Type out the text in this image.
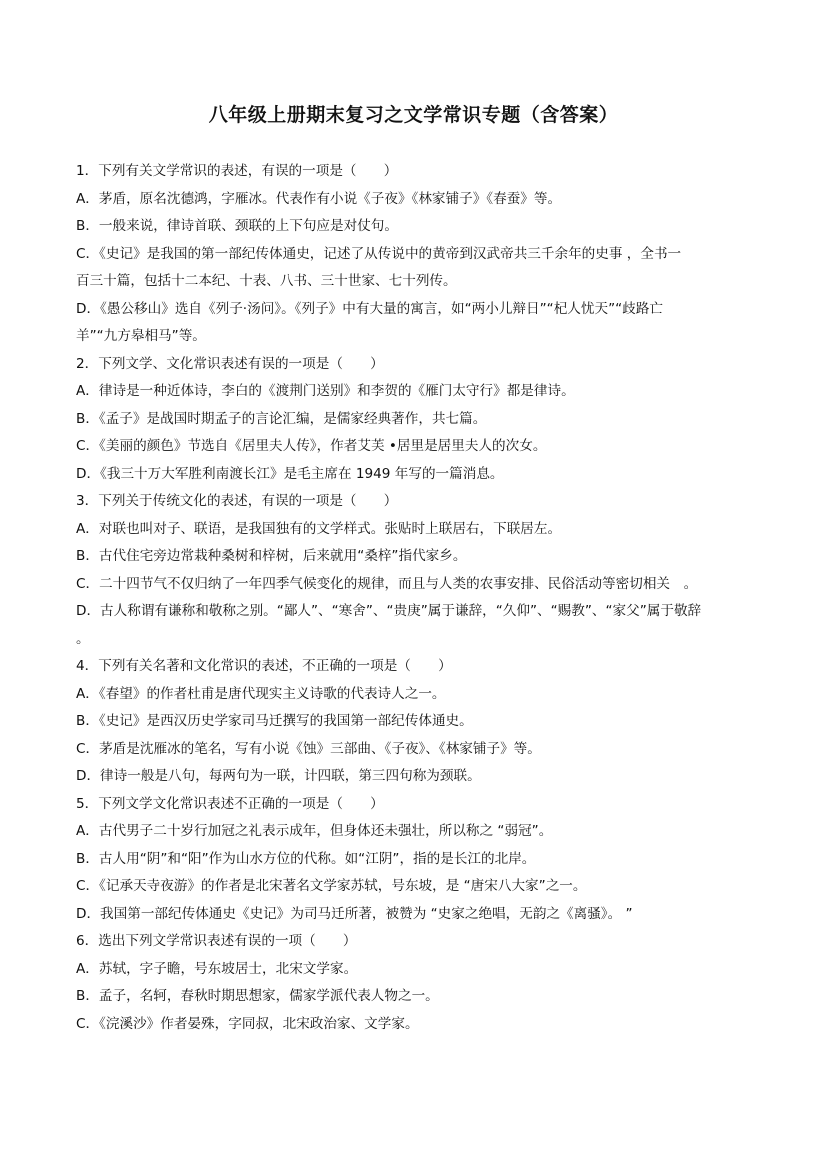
八年级上册期末复习之文学常识专题（含答案）
1．下列有关文学常识的表述，有误的一项是（　　）
A．茅盾，原名沈德鸿，字雁冰。代表作有小说《子夜》《林家铺子》《春蚕》等。
B．一般来说，律诗首联、颈联的上下句应是对仗句。
C．《史记》是我国的第一部纪传体通史，记述了从传说中的黄帝到汉武帝共三千余年的史事 ，全书一
百三十篇，包括十二本纪、十表、八书、三十世家、七十列传。
D．《愚公移山》选自《列子·汤问》。《列子》中有大量的寓言，如“两小儿辩日”“杞人忧天”“歧路亡
羊”“九方皋相马”等。
2．下列文学、文化常识表述有误的一项是（　　）
A．律诗是一种近体诗，李白的《渡荆门送别》和李贺的《雁门太守行》都是律诗。
B．《孟子》是战国时期孟子的言论汇编，是儒家经典著作，共七篇。
C．《美丽的颜色》节选自《居里夫人传》，作者艾芙 •居里是居里夫人的次女。
D．《我三十万大军胜利南渡长江》是毛主席在 1949 年写的一篇消息。
3．下列关于传统文化的表述，有误的一项是（　　）
A．对联也叫对子、联语，是我国独有的文学样式。张贴时上联居右，下联居左。
B．古代住宅旁边常栽种桑树和梓树，后来就用“桑梓”指代家乡。
C．二十四节气不仅归纳了一年四季气候变化的规律，而且与人类的农事安排、民俗活动等密切相关　。
D．古人称谓有谦称和敬称之别。“鄙人”、“寒舍”、“贵庚”属于谦辞，“久仰”、“赐教”、“家父”属于敬辞
。
4．下列有关名著和文化常识的表述，不正确的一项是（　　）
A．《春望》的作者杜甫是唐代现实主义诗歌的代表诗人之一。
B．《史记》是西汉历史学家司马迁撰写的我国第一部纪传体通史。
C．茅盾是沈雁冰的笔名，写有小说《蚀》三部曲、《子夜》、《林家铺子》等。
D．律诗一般是八句，每两句为一联，计四联，第三四句称为颈联。
5．下列文学文化常识表述不正确的一项是（　　）
A．古代男子二十岁行加冠之礼表示成年，但身体还未强壮，所以称之 “弱冠”。
B．古人用“阴”和“阳”作为山水方位的代称。如“江阴”，指的是长江的北岸。
C．《记承天寺夜游》的作者是北宋著名文学家苏轼，号东坡，是 “唐宋八大家”之一。
D．我国第一部纪传体通史《史记》为司马迁所著，被赞为 “史家之绝唱，无韵之《离骚》。 ”
6．选出下列文学常识表述有误的一项（　　）
A．苏轼，字子瞻，号东坡居士，北宋文学家。
B．孟子，名轲，春秋时期思想家，儒家学派代表人物之一。
C．《浣溪沙》作者晏殊，字同叔，北宋政治家、文学家。
